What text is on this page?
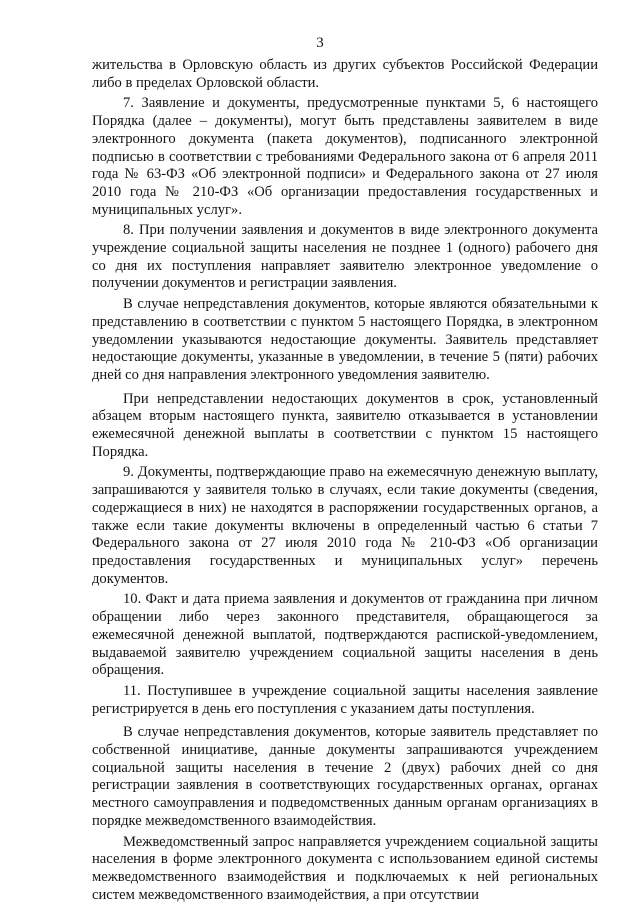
3

жительства в Орловскую область из других субъектов Российской Федерации либо в пределах Орловской области.

7. Заявление и документы, предусмотренные пунктами 5, 6 настоящего Порядка (далее – документы), могут быть представлены заявителем в виде электронного документа (пакета документов), подписанного электронной подписью в соответствии с требованиями Федерального закона от 6 апреля 2011 года № 63-ФЗ «Об электронной подписи» и Федерального закона от 27 июля 2010 года № 210-ФЗ «Об организации предоставления государственных и муниципальных услуг».

8. При получении заявления и документов в виде электронного документа учреждение социальной защиты населения не позднее 1 (одного) рабочего дня со дня их поступления направляет заявителю электронное уведомление о получении документов и регистрации заявления.

В случае непредставления документов, которые являются обязательными к представлению в соответствии с пунктом 5 настоящего Порядка, в электронном уведомлении указываются недостающие документы. Заявитель представляет недостающие документы, указанные в уведомлении, в течение 5 (пяти) рабочих дней со дня направления электронного уведомления заявителю.

При непредставлении недостающих документов в срок, установленный абзацем вторым настоящего пункта, заявителю отказывается в установлении ежемесячной денежной выплаты в соответствии с пунктом 15 настоящего Порядка.

9. Документы, подтверждающие право на ежемесячную денежную выплату, запрашиваются у заявителя только в случаях, если такие документы (сведения, содержащиеся в них) не находятся в распоряжении государственных органов, а также если такие документы включены в определенный частью 6 статьи 7 Федерального закона от 27 июля 2010 года № 210-ФЗ «Об организации предоставления государственных и муниципальных услуг» перечень документов.

10. Факт и дата приема заявления и документов от гражданина при личном обращении либо через законного представителя, обращающегося за ежемесячной денежной выплатой, подтверждаются распиской-уведомлением, выдаваемой заявителю учреждением социальной защиты населения в день обращения.

11. Поступившее в учреждение социальной защиты населения заявление регистрируется в день его поступления с указанием даты поступления.

В случае непредставления документов, которые заявитель представляет по собственной инициативе, данные документы запрашиваются учреждением социальной защиты населения в течение 2 (двух) рабочих дней со дня регистрации заявления в соответствующих государственных органах, органах местного самоуправления и подведомственных данным органам организациях в порядке межведомственного взаимодействия.

Межведомственный запрос направляется учреждением социальной защиты населения в форме электронного документа с использованием единой системы межведомственного взаимодействия и подключаемых к ней региональных систем межведомственного взаимодействия, а при отсутствии
